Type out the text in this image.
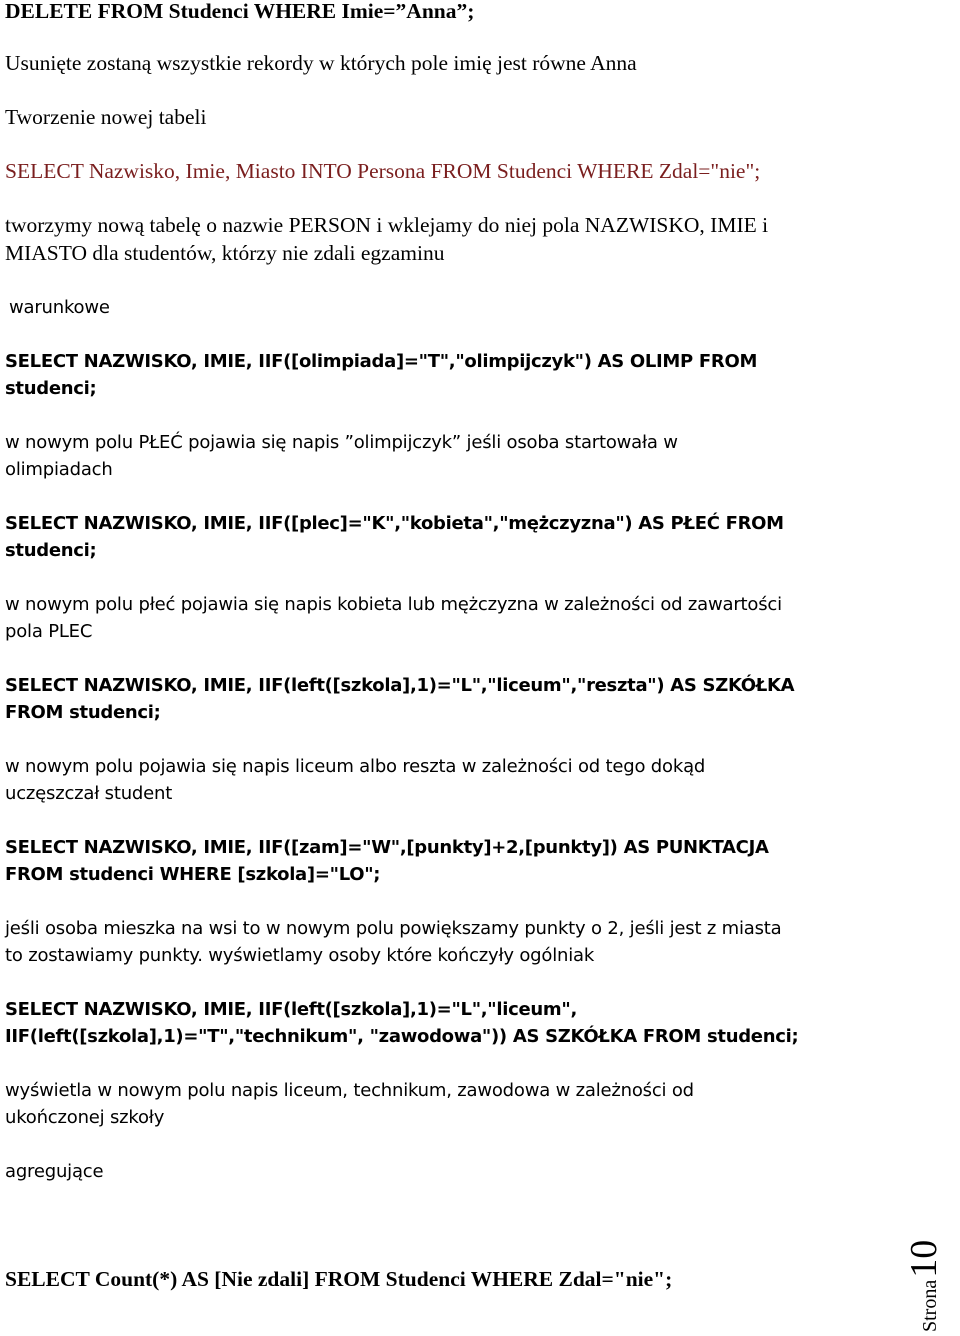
DELETE FROM Studenci WHERE Imie=”Anna”;

Usunięte zostaną wszystkie rekordy w których pole imię jest równe Anna

Tworzenie nowej tabeli

SELECT Nazwisko, Imie, Miasto INTO Persona FROM Studenci WHERE Zdal="nie";

tworzymy nową tabelę o nazwie PERSON i wklejamy do niej pola NAZWISKO, IMIE i

MIASTO dla studentów, którzy nie zdali egzaminu

warunkowe

SELECT NAZWISKO, IMIE, IIF([olimpiada]="T","olimpijczyk") AS OLIMP FROM

studenci;

w nowym polu PŁEĆ pojawia się napis ”olimpijczyk” jeśli osoba startowała w

olimpiadach

SELECT NAZWISKO, IMIE, IIF([plec]="K","kobieta","mężczyzna") AS PŁEĆ FROM

studenci;

w nowym polu płeć pojawia się napis kobieta lub mężczyzna w zależności od zawartości

pola PLEC

SELECT NAZWISKO, IMIE, IIF(left([szkola],1)="L","liceum","reszta") AS SZKÓŁKA

FROM studenci;

w nowym polu pojawia się napis liceum albo reszta w zależności od tego dokąd

uczęszczał student

SELECT NAZWISKO, IMIE, IIF([zam]="W",[punkty]+2,[punkty]) AS PUNKTACJA

FROM studenci WHERE [szkola]="LO";

jeśli osoba mieszka na wsi to w nowym polu powiększamy punkty o 2, jeśli jest z miasta

to zostawiamy punkty. wyświetlamy osoby które kończyły ogólniak

SELECT NAZWISKO, IMIE, IIF(left([szkola],1)="L","liceum",

IIF(left([szkola],1)="T","technikum", "zawodowa")) AS SZKÓŁKA FROM studenci;

wyświetla w nowym polu napis liceum, technikum, zawodowa w zależności od

ukończonej szkoły

agregujące

SELECT Count(*) AS [Nie zdali] FROM Studenci WHERE Zdal="nie";

Strona10
